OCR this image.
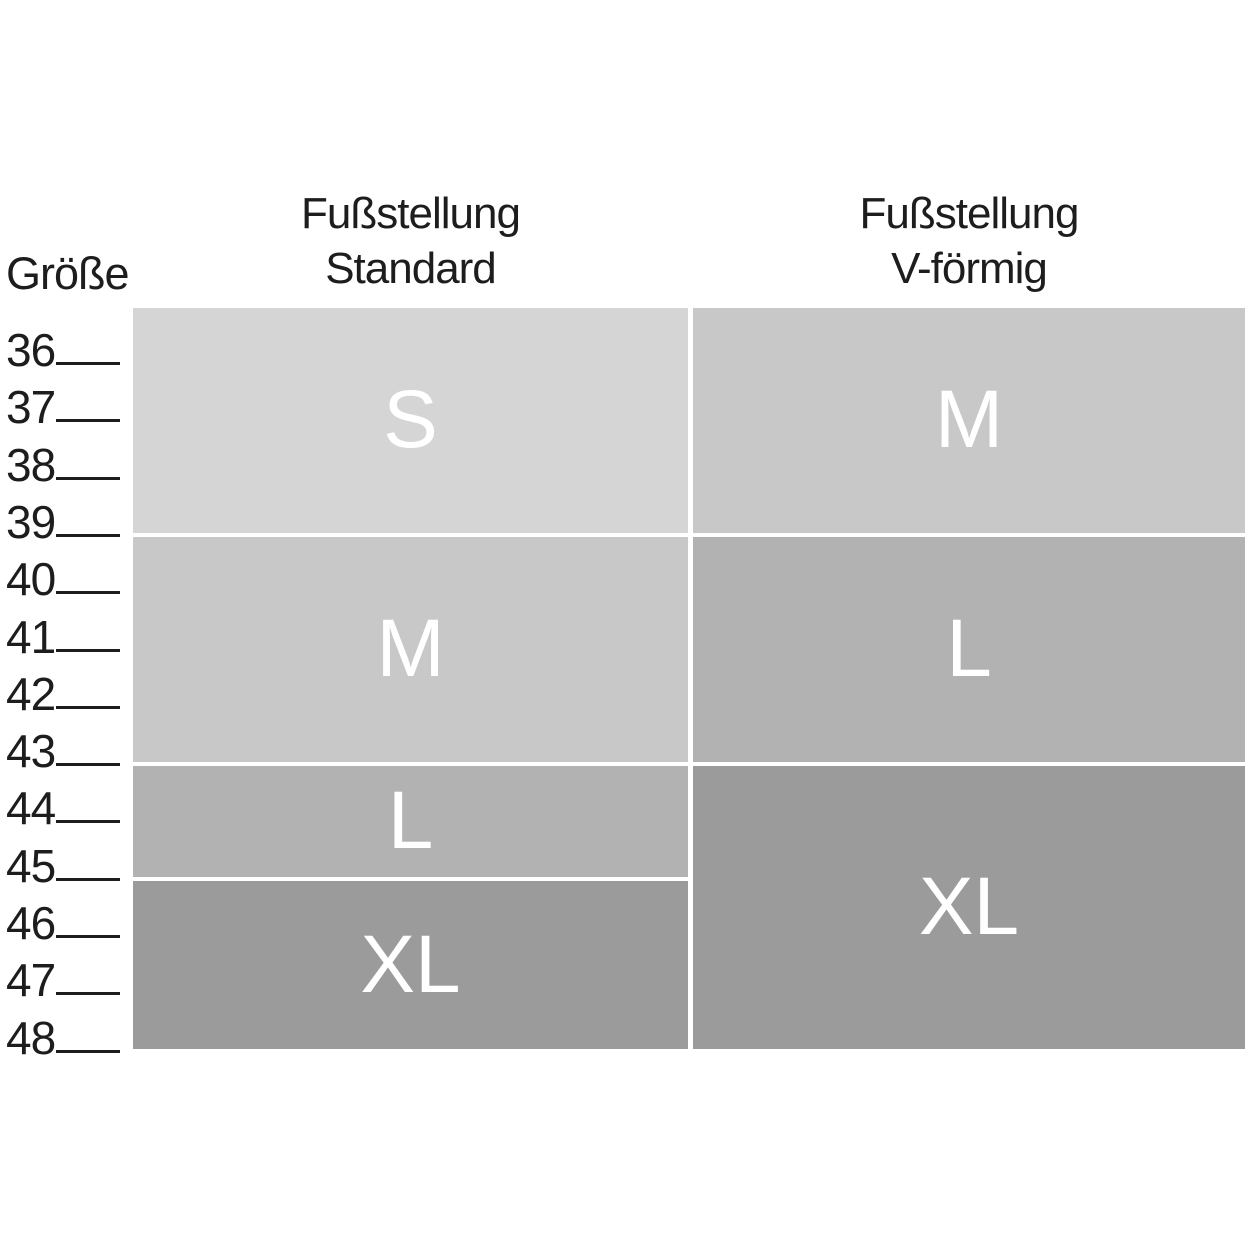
Größe
Fußstellung
Standard
Fußstellung
V-förmig
36
37
38
39
40
41
42
43
44
45
46
47
48
S
M
L
XL
M
L
XL
